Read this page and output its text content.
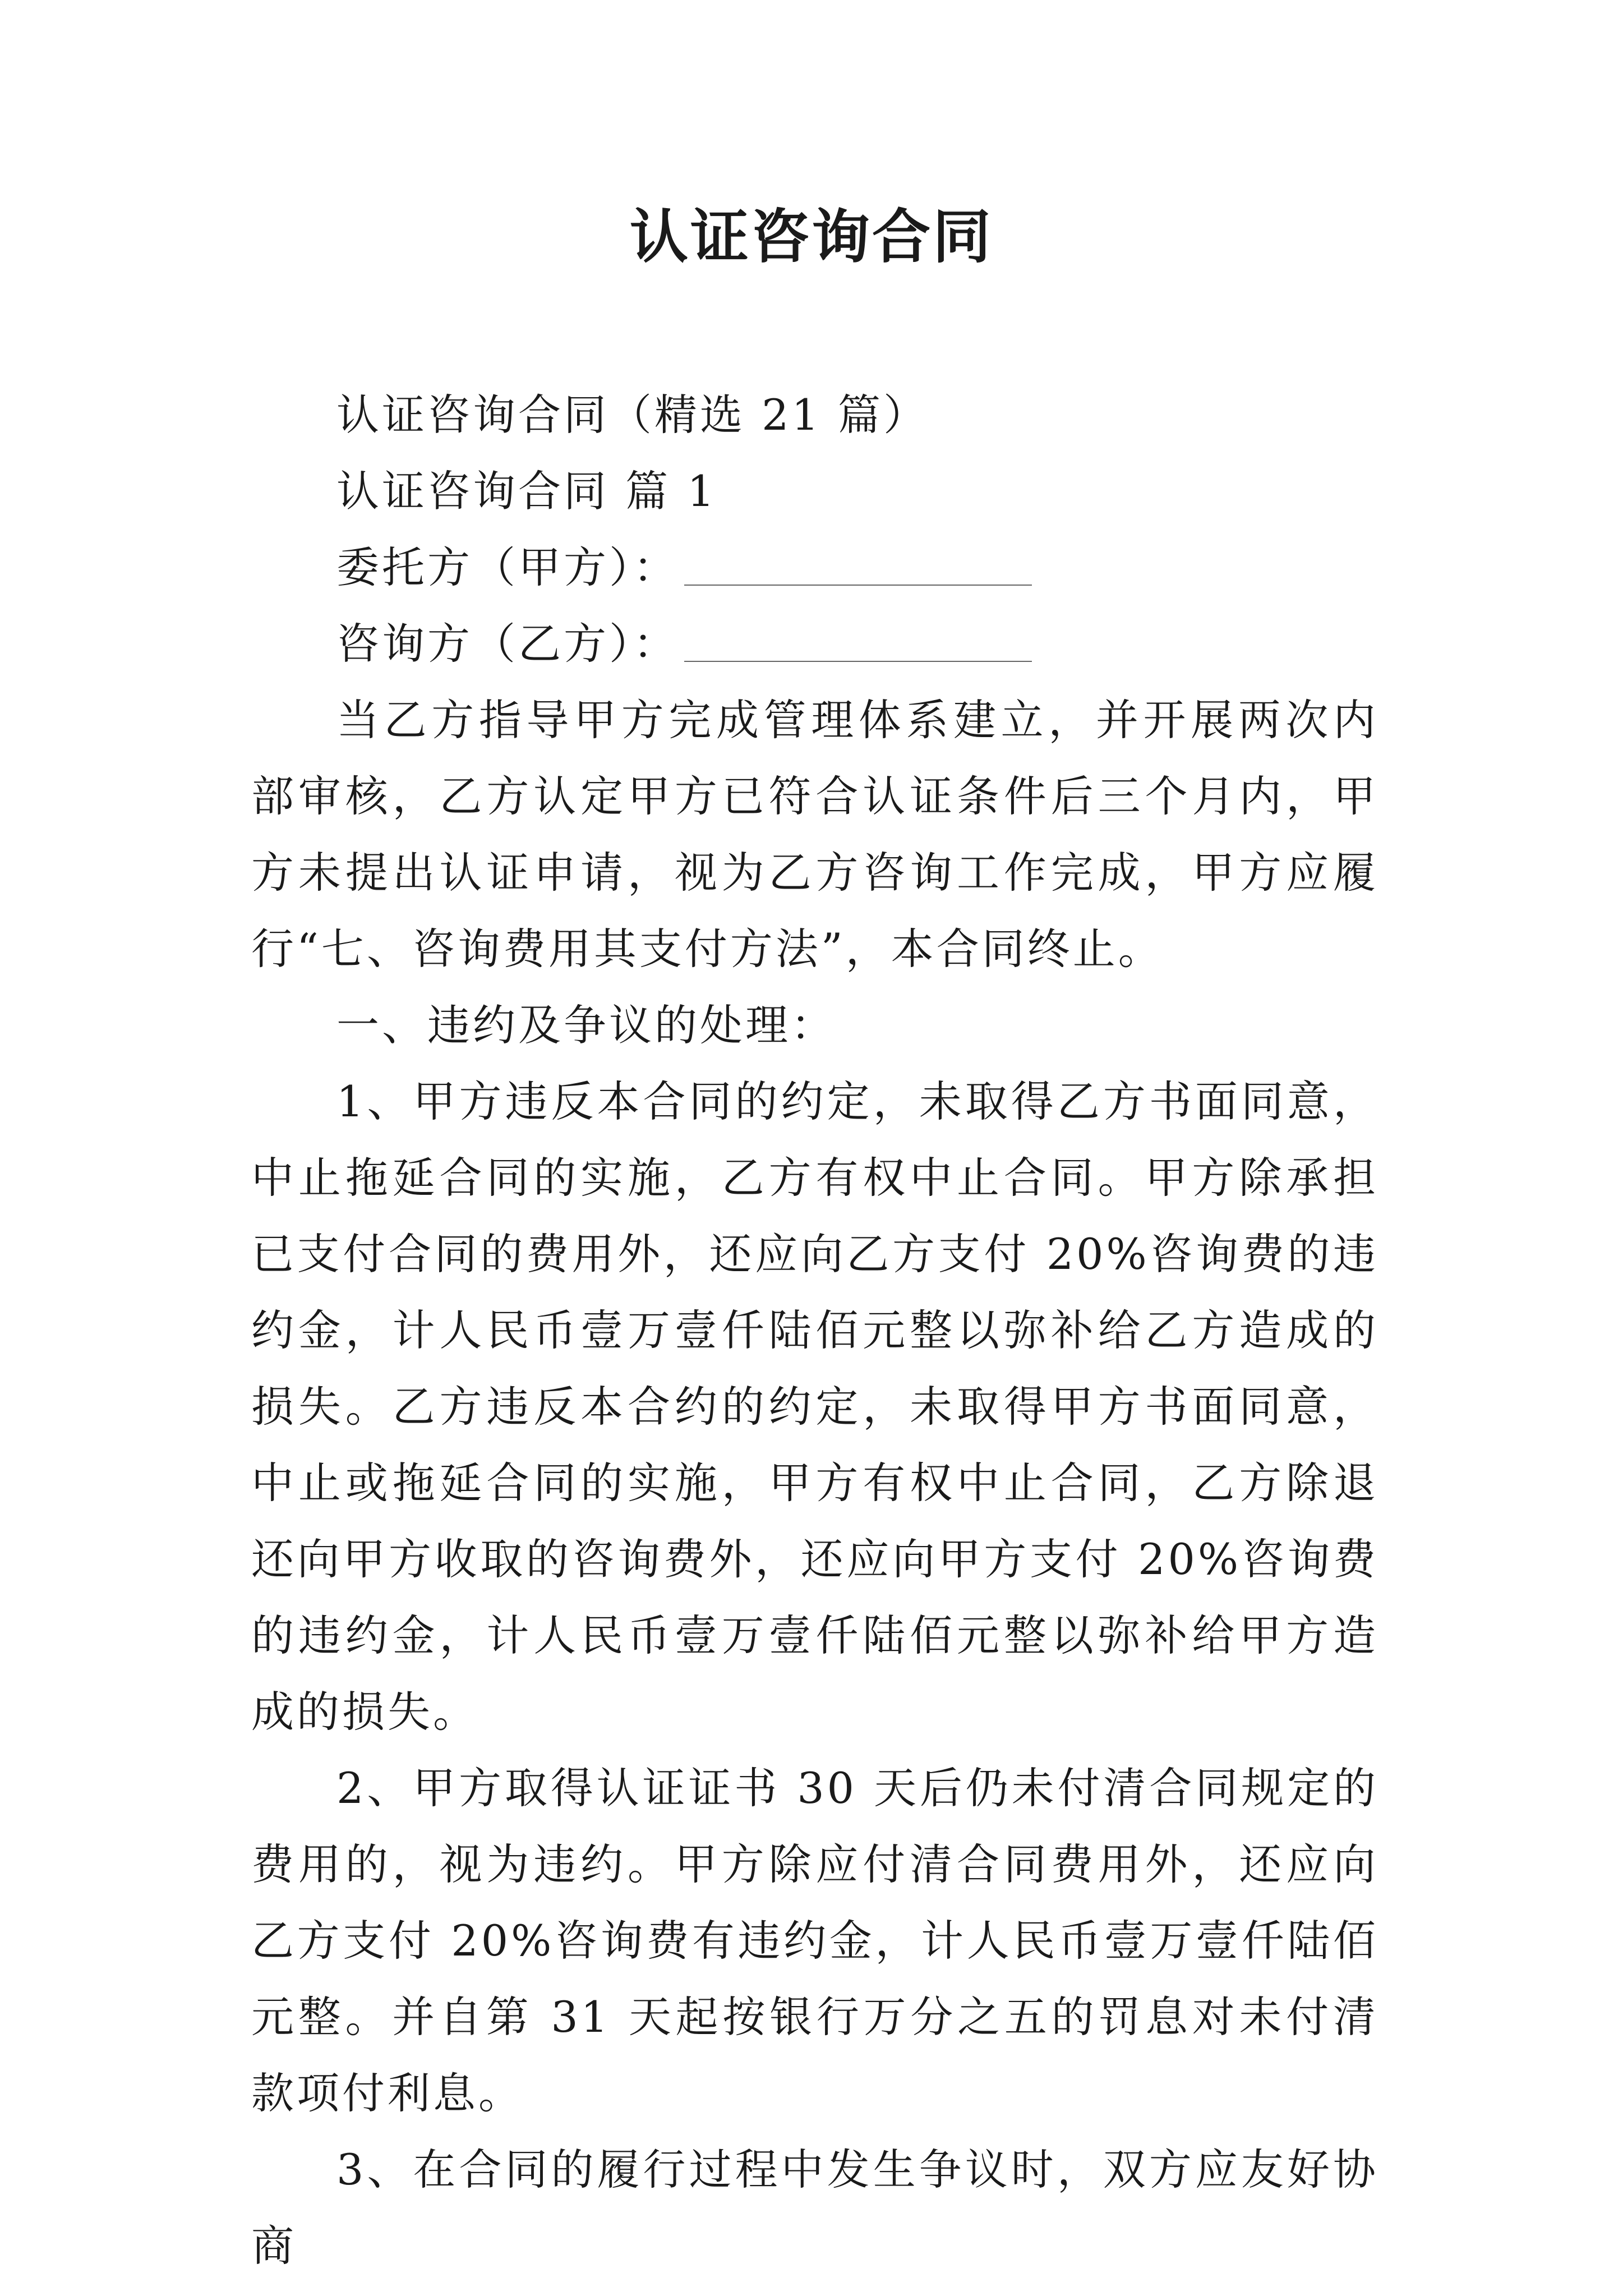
认证咨询合同

认证咨询合同（精选 21 篇）

认证咨询合同 篇 1

委托方（甲方）：

咨询方（乙方）：

当乙方指导甲方完成管理体系建立，并开展两次内部审核，乙方认定甲方已符合认证条件后三个月内，甲方未提出认证申请，视为乙方咨询工作完成，甲方应履行“七、咨询费用其支付方法”，本合同终止。

一、违约及争议的处理：

1、甲方违反本合同的约定，未取得乙方书面同意，中止拖延合同的实施，乙方有权中止合同。甲方除承担已支付合同的费用外，还应向乙方支付 20%咨询费的违约金，计人民币壹万壹仟陆佰元整以弥补给乙方造成的损失。乙方违反本合约的约定，未取得甲方书面同意，中止或拖延合同的实施，甲方有权中止合同，乙方除退还向甲方收取的咨询费外，还应向甲方支付 20%咨询费的违约金，计人民币壹万壹仟陆佰元整以弥补给甲方造成的损失。

2、甲方取得认证证书 30 天后仍未付清合同规定的费用的，视为违约。甲方除应付清合同费用外，还应向乙方支付 20%咨询费有违约金，计人民币壹万壹仟陆佰元整。并自第 31 天起按银行万分之五的罚息对未付清款项付利息。

3、在合同的履行过程中发生争议时，双方应友好协商
